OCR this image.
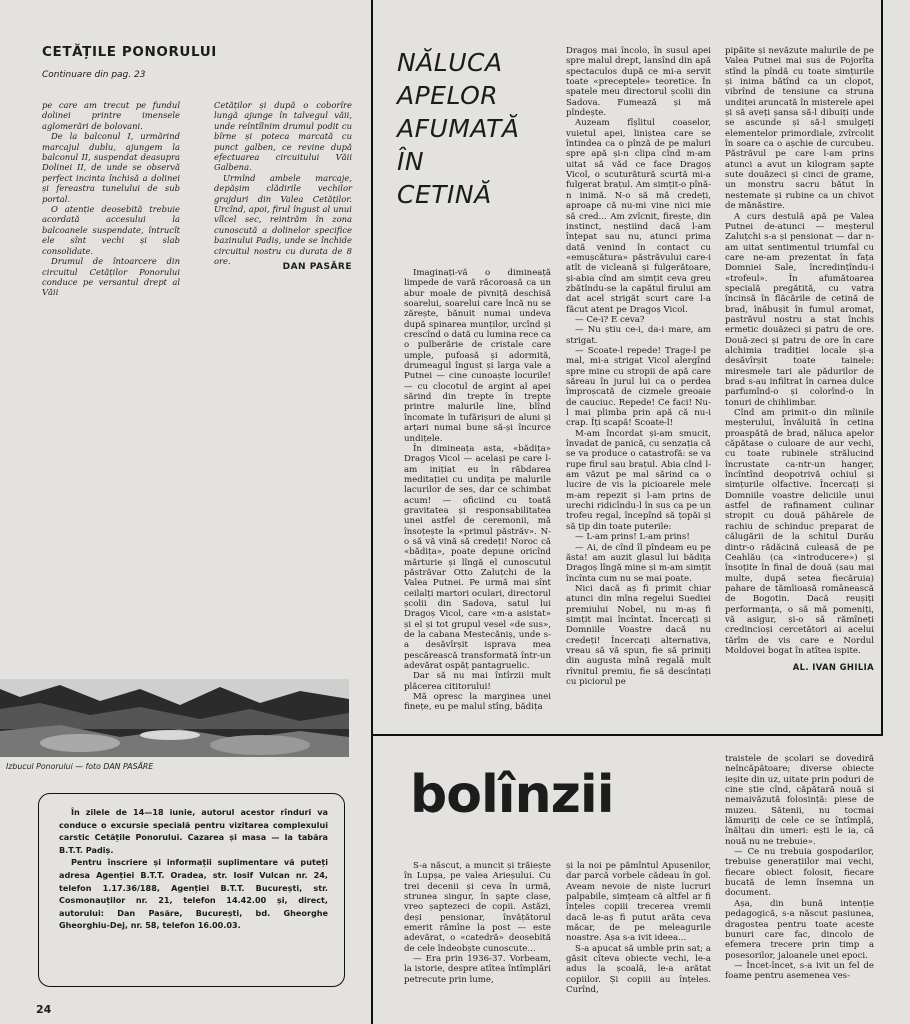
CETĂȚILE PONORULUI
Continuare din pag. 23

pe care am trecut pe fundul dolinei printre imensele aglomerări de bolovani.

De la balconul I, urmărind marcajul dublu, ajungem la balconul II, suspendat deasupra Dolinei II, de unde se observă perfect incinta închisă a dolinei și fereastra tunelului de sub portal.

O atenție deosebită trebuie acordată accesului la balcoanele suspendate, întrucît ele sînt vechi și slab consolidate.

Drumul de întoarcere din circuitul Cetăților Ponorului conduce pe versantul drept al Văii

Cetăților și după o coborîre lungă ajunge în talvegul văii, unde reîntîlnim drumul podit cu bîrne și poteca marcată cu punct galben, ce revine după efectuarea circuitului Văii Galbena.

Urmînd ambele marcaje, depășim clădirile vechilor grajduri din Valea Cetăților. Urcînd, apoi, firul îngust al unui vîlcel sec, reintrăm în zona cunoscută a dolinelor specifice bazinului Padiș, unde se închide circuitul nostru cu durata de 8 ore.

DAN PASĂRE
Izbucul Ponorului — foto DAN PASĂRE

În zilele de 14—18 iunie, autorul acestor rînduri va conduce o excursie specială pentru vizitarea complexului carstic Cetățile Ponorului. Cazarea și masa — la tabăra B.T.T. Padiș.

Pentru înscriere și informații suplimentare vă puteți adresa Agenției B.T.T. Oradea, str. Iosif Vulcan nr. 24, telefon 1.17.36/188, Agenției B.T.T. București, str. Cosmonauților nr. 21, telefon 14.42.00 și, direct, autorului: Dan Pasăre, București, bd. Gheorghe Gheorghiu-Dej, nr. 58, telefon 16.00.03.

24
NĂLUCA
APELOR
AFUMATĂ
ÎN
CETINĂ

Imaginați-vă o dimineață limpede de vară răcoroasă ca un abur moale de pivniță deschisă soarelui, soarelui care încă nu se zărește, bănuit numai undeva după spinarea munților, urcînd și crescînd o dată cu lumina rece ca o pulberărie de cristale care umple, pufoasă și adormită, drumeagul îngust și larga vale a Putnei — cine cunoaște locurile! — cu clocotul de argint al apei sărind din trepte în trepte printre malurile line, blînd încomate în tufărișuri de aluni și arțari numai bune să-și încurce undițele.

În dimineața asta, «bădița» Dragoș Vicol — același pe care l-am inițiat eu în răbdarea meditației cu undița pe malurile lacurilor de ses, dar ce schimbat acum! — oficiind cu toată gravitatea și responsabilitatea unei astfel de ceremonii, mă însoțește la «primul păstrăv». N-o să vă vină să credeți! Noroc că «bădița», poate depune oricînd mărturie și lîngă el cunoscutul păstrăvar Otto Zaluțchi de la Valea Putnei. Pe urmă mai sînt ceilalți martori oculari, directorul școlii din Sadova, satul lui Dragoș Vicol, care «m-a asistat» și el și tot grupul vesel «de sus», de la cabana Mestecăniș, unde s-a desăvîrșit isprava mea pescărească transformată într-un adevărat ospăț pantagruelic.

Dar să nu mai întîrzii mult plăcerea cititorului!

Mă opresc la marginea unei finețe, eu pe malul stîng, bădița

Dragoș mai încolo, în susul apei spre malul drept, lansînd din apă spectaculos după ce mi-a servit toate «preceptele» teoretice. În spatele meu directorul școlii din Sadova. Fumează și mă pîndește.

Auzeam fîșîitul coaselor, vuietul apei, liniștea care se întindea ca o pînză de pe maluri spre apă și-n clipa cînd m-am uitat să văd ce face Dragoș Vicol, o scuturătură scurtă mi-a fulgerat brațul. Am simțit-o pînă-n inimă. N-o să mă credeți, aproape că nu-mi vine nici mie să cred... Am zvîcnit, firește, din instinct, neștiind dacă l-am înțepat sau nu, atunci prima dată venind în contact cu «emușcătura» păstrăvului care-i atît de vicleană și fulgerătoare, și-abia cînd am simțit ceva greu zbătîndu-se la capătul firului am dat acel strigăt scurt care l-a făcut atent pe Dragoș Vicol.

— Ce-i? E ceva?

— Nu știu ce-i, da-i mare, am strigat.

— Scoate-l repede! Trage-l pe mal, mi-a strigat Vicol alergînd spre mine cu stropii de apă care săreau în jurul lui ca o perdea împroșcată de cizmele greoaie de cauciuc. Repede! Ce faci! Nu-l mai plimba prin apă că nu-i crap. Îți scapă! Scoate-l!

M-am încordat și-am smucit, învadat de panică, cu senzația că se va produce o catastrofă: se va rupe firul sau brațul. Abia cînd l-am văzut pe mal sărind ca o lucire de vis la picioarele mele m-am repezit și l-am prins de urechi ridicîndu-l în sus ca pe un trofeu regal, începînd să țopăi și să țip din toate puterile:

— L-am prins! L-am prins!

— Ai, de cînd îl pîndeam eu pe ăsta! am auzit glasul lui bădița Dragoș lîngă mine și m-am simțit încînta cum nu se mai poate.

Nici dacă aș fi primit chiar atunci din mîna regelui Suediei premiului Nobel, nu m-aș fi simțit mai încîntat. Încercați și Domniile Voastre dacă nu credeți! Încercați alternativa, vreau să vă spun, fie să primiți din augusta mînă regală mult rîvnitul premiu, fie să descîntați cu piciorul pe

pipăite și nevăzute malurile de pe Valea Putnei mai sus de Pojorîta stînd la pîndă cu toate simțurile și inima bătînd ca un clopot, vibrînd de tensiune ca struna undiței aruncată în misterele apei și să aveți șansa să-l dibuiți unde se ascunde și să-l smulgeți elementelor primordiale, zvîrcolit în soare ca o așchie de curcubeu. Păstrăvul pe care l-am prins atunci a avut un kilogram șapte sute douăzeci și cinci de grame, un monstru sacru bătut în nestemate și rubine ca un chivot de mănăstire.

A curs destulă apă pe Valea Putnei de-atunci — meșterul Zaluțchi s-a și pensionat — dar n-am uitat sentimentul triumfal cu care ne-am prezentat în fața Domniei Sale, încredințîndu-i «trofeul». În afumătoarea specială pregătită, cu vatra încinsă în flăcările de cetină de brad, înăbușit în fumul aromat, pastrăvul nostru a stat închis ermetic douăzeci și patru de ore. Două-zeci și patru de ore în care alchimia tradiției locale și-a desăvîrșit toate tainele: miresmele tari ale pădurilor de brad s-au infiltrat în carnea dulce parfumînd-o și colorînd-o în tonuri de chihlimbar.

Cînd am primit-o din mîinile meșterului, învăluită în cetina proaspătă de brad, năluca apelor căpătase o culoare de aur vechi, cu toate rubinele strălucind încrustate ca-ntr-un hanger, încîntînd deopotrivă ochiul și simțurile olfactive. Încercați și Domniile voastre deliciile unui astfel de rafinament culinar stropit cu două păhărele de rachiu de schinduc preparat de călugării de la schitul Durău dintr-o rădăcină culeasă de pe Ceahlău (ca «introducere») și însoțite în final de două (sau mai multe, după setea fiecăruia) pahare de tămîioasă românească de Bogotin. Dacă reușiți performanța, o să mă pomeniți, vă asigur, și-o să rămîneți credincioși cercetători ai acelui tărîm de vis care e Nordul Moldovei bogat în atîtea ispite.

AL. IVAN GHILIA

bolînzii

S-a născut, a muncit și trăiește în Lupșa, pe valea Arieșului. Cu trei decenii și ceva în urmă, strunea singur, în șapte clase, vreo șaptezeci de copii. Astăzi, deși pensionar, învățătorul emerit rămîne la post — este adevărat, o «catedră» deosebită de cele îndeobște cunoscute...

— Era prin 1936-37. Vorbeam, la istorie, despre atîtea întîmplări petrecute prin lume,

și la noi pe pămîntul Apusenilor, dar parcă vorbele cădeau în gol. Aveam nevoie de niște lucruri palpabile, simțeam că altfel ar fi înțeles copiii trecerea vremii dacă le-aș fi putut arăta ceva măcar, de pe meleagurile noastre. Așa s-a ivit ideea...

S-a apucat să umble prin sat; a găsit cîteva obiecte vechi, le-a adus la școală, le-a arătat copiilor. Și copiii au înțeles. Curînd,

traistele de școlari se dovediră neîncăpătoare; diverse obiecte ieșite din uz, uitate prin poduri de cine știe cînd, căpătară nouă și nemaivăzută folosință: piese de muzeu. Sătenii, nu tocmai lămuriți de cele ce se întîmplă, înălțau din umeri: ești le ia, că nouă nu ne trebuie».

— Ce nu trebuia gospodarilor, trebuise generațiilor mai vechi, fiecare obiect folosit, fiecare bucată de lemn însemna un document.

Așa, din bună intenție pedagogică, s-a născut pasiunea, dragostea pentru toate acestе bunuri care fac, dincolo de efemera trecere prin timp a posesorilor, jaloanele unei epoci.

— Încet-încet, s-a ivit un fel de foame pentru asemenea ves-
